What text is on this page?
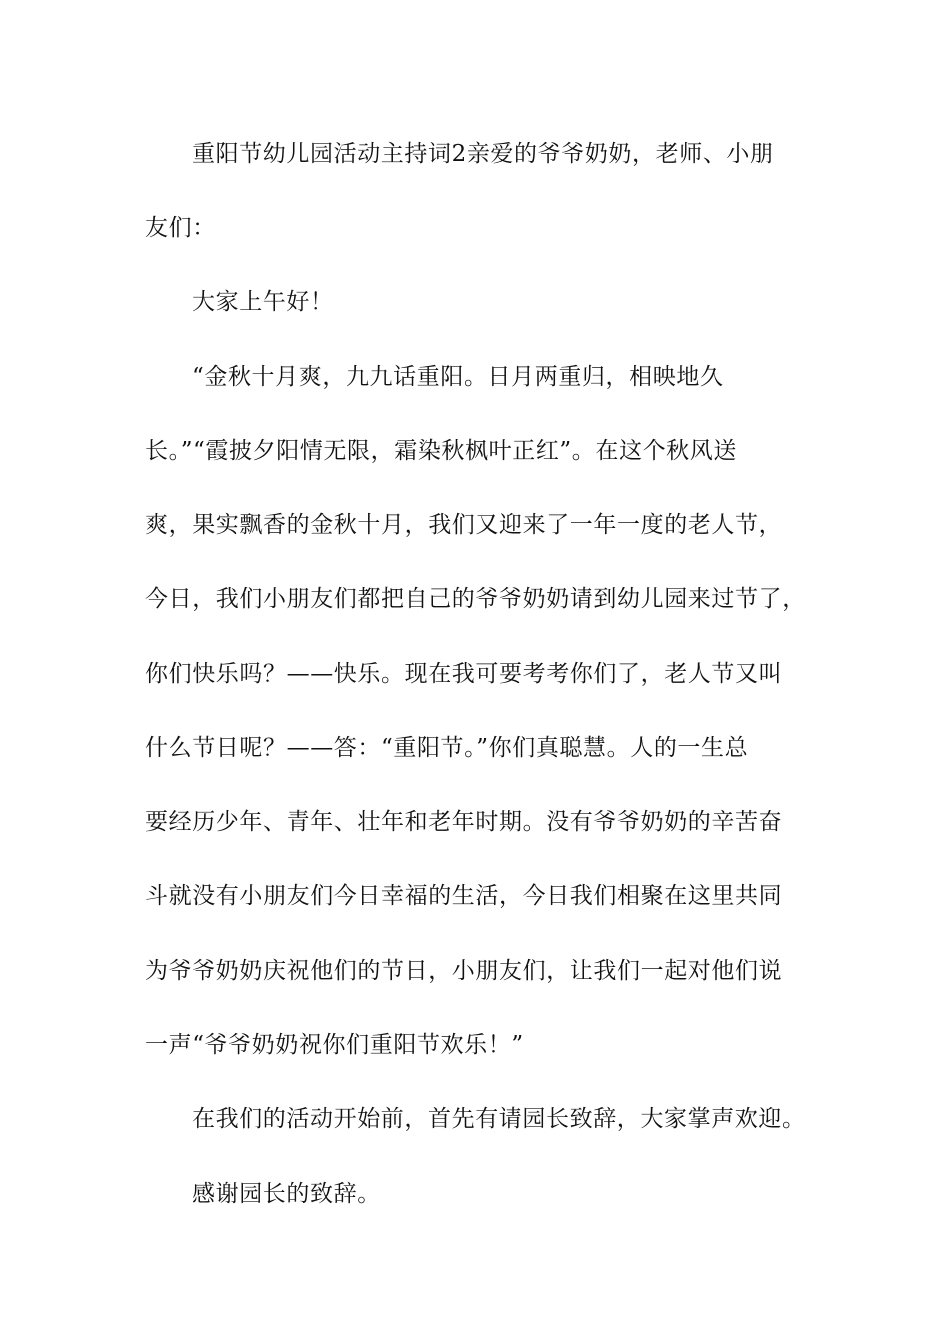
重阳节幼儿园活动主持词2亲爱的爷爷奶奶，老师、小朋
友们：
大家上午好！
“金秋十月爽，九九话重阳。日月两重归，相映地久
长。”“霞披夕阳情无限，霜染秋枫叶正红”。在这个秋风送
爽，果实飘香的金秋十月，我们又迎来了一年一度的老人节，
今日，我们小朋友们都把自己的爷爷奶奶请到幼儿园来过节了，
你们快乐吗？——快乐。现在我可要考考你们了，老人节又叫
什么节日呢？——答：“重阳节。”你们真聪慧。人的一生总
要经历少年、青年、壮年和老年时期。没有爷爷奶奶的辛苦奋
斗就没有小朋友们今日幸福的生活，今日我们相聚在这里共同
为爷爷奶奶庆祝他们的节日，小朋友们，让我们一起对他们说
一声“爷爷奶奶祝你们重阳节欢乐！”
在我们的活动开始前，首先有请园长致辞，大家掌声欢迎。
感谢园长的致辞。
